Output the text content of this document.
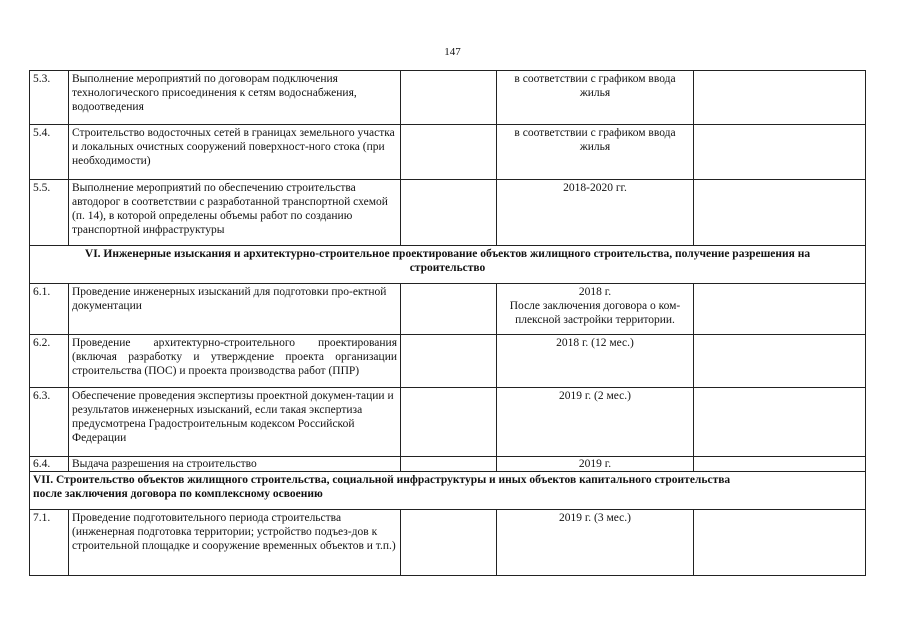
147
5.3.	Выполнение мероприятий по договорам подключения технологического присоединения к сетям водоснабжения, водоотведения		в соответствии с графиком ввода жилья	
5.4.	Строительство водосточных сетей в границах земельного участка и локальных очистных сооружений поверхност-ного стока (при необходимости)		в соответствии с графиком ввода жилья	
5.5.	Выполнение мероприятий по обеспечению строительства автодорог в соответствии с разработанной транспортной схемой (п. 14), в которой определены объемы работ по созданию транспортной инфраструктуры		2018-2020 гг.	

VI. Инженерные изыскания и архитектурно-строительное проектирование объектов жилищного строительства, получение разрешения на
строительство				

6.1.	Проведение инженерных изысканий для подготовки про-ектной документации		2018 г.
После заключения договора о ком-плексной застройки территории.	

6.2.	Проведение архитектурно-строительного проектирования (включая разработку и утверждение проекта организации строительства (ПОС) и проекта производства работ (ППР)		2018 г. (12 мес.)	
6.3.	Обеспечение проведения экспертизы проектной докумен-тации и результатов инженерных изысканий, если такая экспертиза предусмотрена Градостроительным кодексом Российской Федерации		2019 г. (2 мес.)	
6.4.	Выдача разрешения на строительство		2019 г.	

VII. Строительство объектов жилищного строительства, социальной инфраструктуры и иных объектов капитального строительства
после заключения договора по комплексному освоению				

7.1.	Проведение подготовительного периода строительства (инженерная подготовка территории; устройство подъез-дов к строительной площадке и сооружение временных объектов и т.п.)		2019 г. (3 мес.)	
